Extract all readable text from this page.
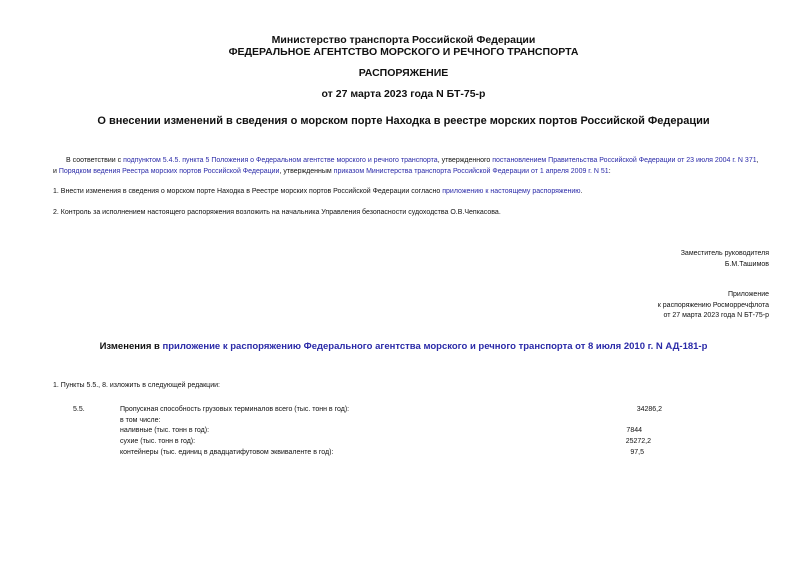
Министерство транспорта Российской Федерации
ФЕДЕРАЛЬНОЕ АГЕНТСТВО МОРСКОГО И РЕЧНОГО ТРАНСПОРТА
РАСПОРЯЖЕНИЕ
от 27 марта 2023 года N БТ-75-р
О внесении изменений в сведения о морском порте Находка в реестре морских портов Российской Федерации
В соответствии с подпунктом 5.4.5. пункта 5 Положения о Федеральном агентстве морского и речного транспорта, утвержденного постановлением Правительства Российской Федерации от 23 июля 2004 г. N 371,
и Порядком ведения Реестра морских портов Российской Федерации, утвержденным приказом Министерства транспорта Российской Федерации от 1 апреля 2009 г. N 51:
1. Внести изменения в сведения о морском порте Находка в Реестре морских портов Российской Федерации согласно приложению к настоящему распоряжению.
2. Контроль за исполнением настоящего распоряжения возложить на начальника Управления безопасности судоходства О.В.Чепкасова.
Заместитель руководителя
Б.М.Ташимов
Приложение
к распоряжению Росморречфлота
от 27 марта 2023 года N БТ-75-р
Изменения в приложение к распоряжению Федерального агентства морского и речного транспорта от 8 июля 2010 г. N АД-181-р
1. Пункты 5.5., 8. изложить в следующей редакции:
5.5.	Пропускная способность грузовых терминалов всего (тыс. тонн в год):	34286,2
в том числе:
наливные (тыс. тонн в год):	7844
сухие (тыс. тонн в год):	25272,2
контейнеры (тыс. единиц в двадцатифутовом эквиваленте в год):	97,5
